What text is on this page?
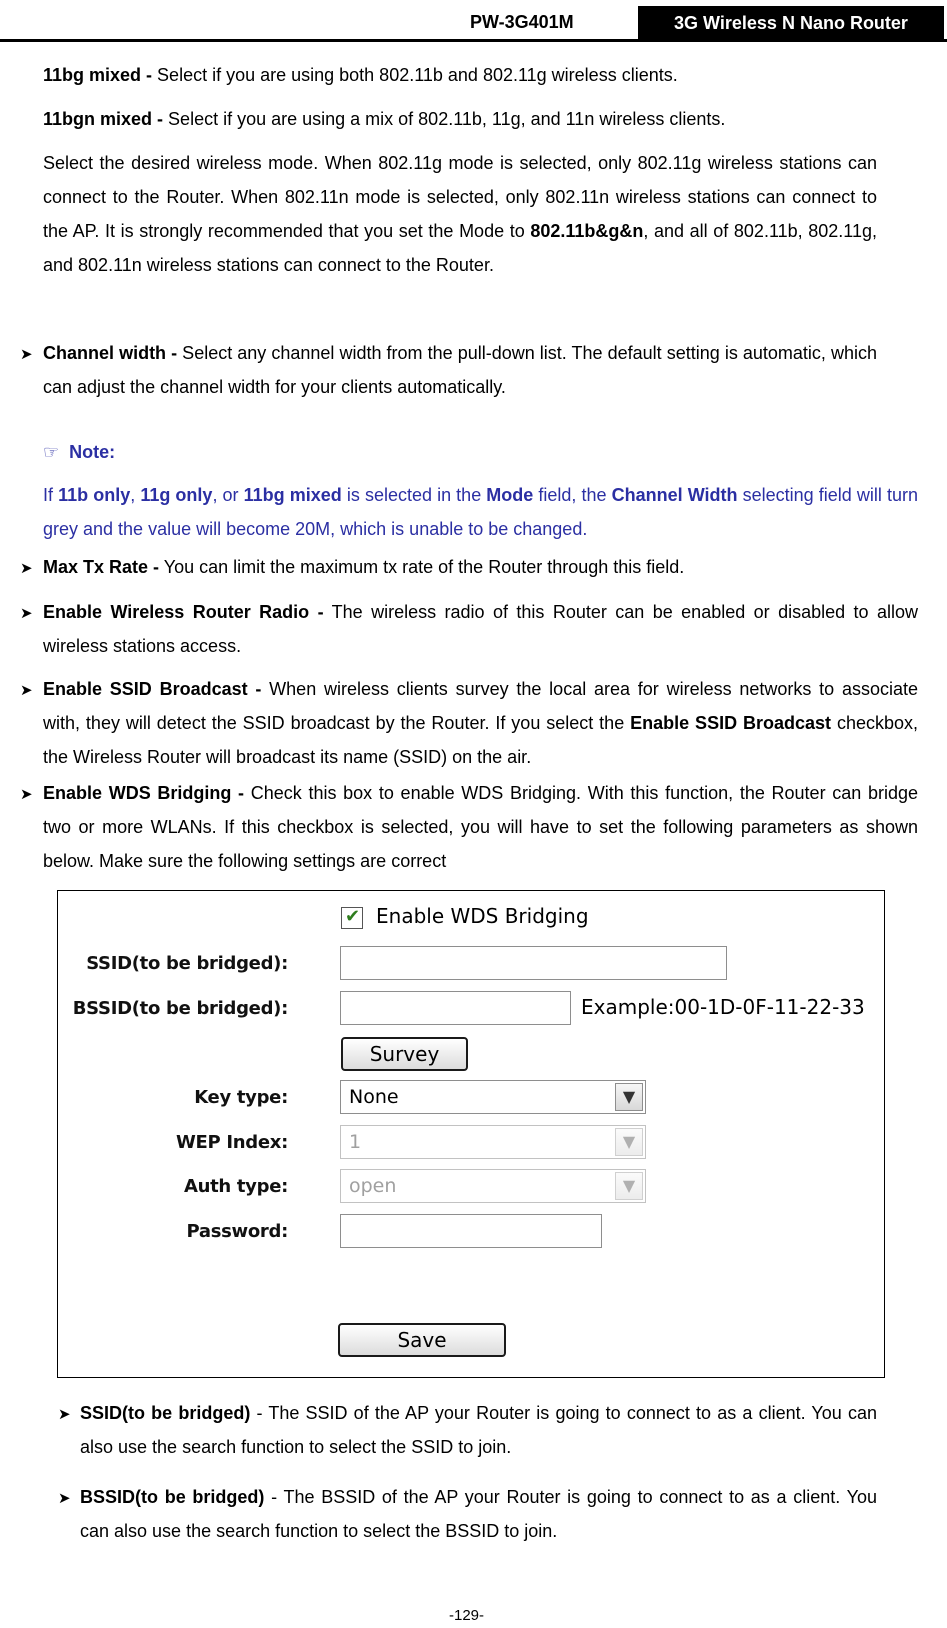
PW-3G401M	3G Wireless N Nano Router
11bg mixed - Select if you are using both 802.11b and 802.11g wireless clients.
11bgn mixed - Select if you are using a mix of 802.11b, 11g, and 11n wireless clients.
Select the desired wireless mode. When 802.11g mode is selected, only 802.11g wireless stations can connect to the Router. When 802.11n mode is selected, only 802.11n wireless stations can connect to the AP. It is strongly recommended that you set the Mode to 802.11b&g&n, and all of 802.11b, 802.11g, and 802.11n wireless stations can connect to the Router.
➤ Channel width - Select any channel width from the pull-down list. The default setting is automatic, which can adjust the channel width for your clients automatically.
☞ Note:
If 11b only, 11g only, or 11bg mixed is selected in the Mode field, the Channel Width selecting field will turn grey and the value will become 20M, which is unable to be changed.
➤ Max Tx Rate - You can limit the maximum tx rate of the Router through this field.
➤ Enable Wireless Router Radio - The wireless radio of this Router can be enabled or disabled to allow wireless stations access.
➤ Enable SSID Broadcast - When wireless clients survey the local area for wireless networks to associate with, they will detect the SSID broadcast by the Router. If you select the Enable SSID Broadcast checkbox, the Wireless Router will broadcast its name (SSID) on the air.
➤ Enable WDS Bridging - Check this box to enable WDS Bridging. With this function, the Router can bridge two or more WLANs. If this checkbox is selected, you will have to set the following parameters as shown below. Make sure the following settings are correct
✔ Enable WDS Bridging
SSID(to be bridged):
BSSID(to be bridged):	Example:00-1D-0F-11-22-33
Survey
Key type:	None	▼
WEP Index:	1	▼
Auth type:	open	▼
Password:
Save
➤ SSID(to be bridged) - The SSID of the AP your Router is going to connect to as a client. You can also use the search function to select the SSID to join.
➤ BSSID(to be bridged) - The BSSID of the AP your Router is going to connect to as a client. You can also use the search function to select the BSSID to join.
-129-
